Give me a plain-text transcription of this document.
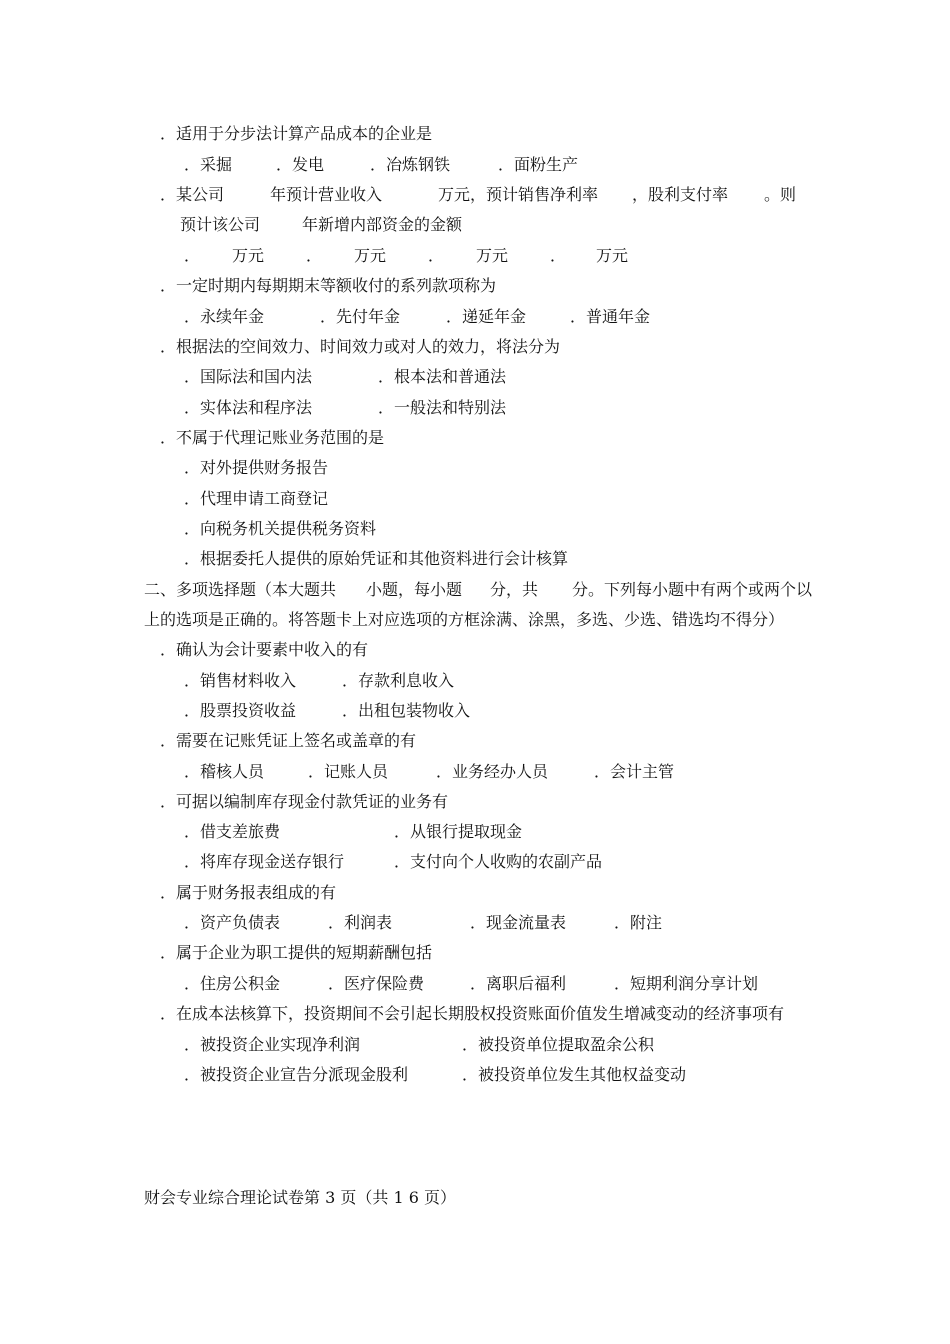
．适用于分步法计算产品成本的企业是
．采掘	．发电	．冶炼钢铁	．面粉生产
．某公司	年预计营业收入	万元，预计销售净利率 ，股利支付率 。则
预计该公司	年新增内部资金的金额
． 万元	． 万元	． 万元	． 万元
．一定时期内每期期末等额收付的系列款项称为
．永续年金	．先付年金	．递延年金	．普通年金
．根据法的空间效力、时间效力或对人的效力，将法分为
．国际法和国内法	．根本法和普通法
．实体法和程序法	．一般法和特别法
．不属于代理记账业务范围的是
．对外提供财务报告
．代理申请工商登记
．向税务机关提供税务资料
．根据委托人提供的原始凭证和其他资料进行会计核算
二、多项选择题（本大题共 小题，每小题 分，共 分。下列每小题中有两个或两个以
上的选项是正确的。将答题卡上对应选项的方框涂满、涂黑，多选、少选、错选均不得分）
．确认为会计要素中收入的有
．销售材料收入	．存款利息收入
．股票投资收益	．出租包装物收入
．需要在记账凭证上签名或盖章的有
．稽核人员	．记账人员	．业务经办人员	．会计主管
．可据以编制库存现金付款凭证的业务有
．借支差旅费	．从银行提取现金
．将库存现金送存银行	．支付向个人收购的农副产品
．属于财务报表组成的有
．资产负债表	．利润表	．现金流量表	．附注
．属于企业为职工提供的短期薪酬包括
．住房公积金	．医疗保险费	．离职后福利	．短期利润分享计划
．在成本法核算下，投资期间不会引起长期股权投资账面价值发生增减变动的经济事项有
．被投资企业实现净利润	．被投资单位提取盈余公积
．被投资企业宣告分派现金股利	．被投资单位发生其他权益变动
财会专业综合理论试卷第 3 页（共 1 6 页）
